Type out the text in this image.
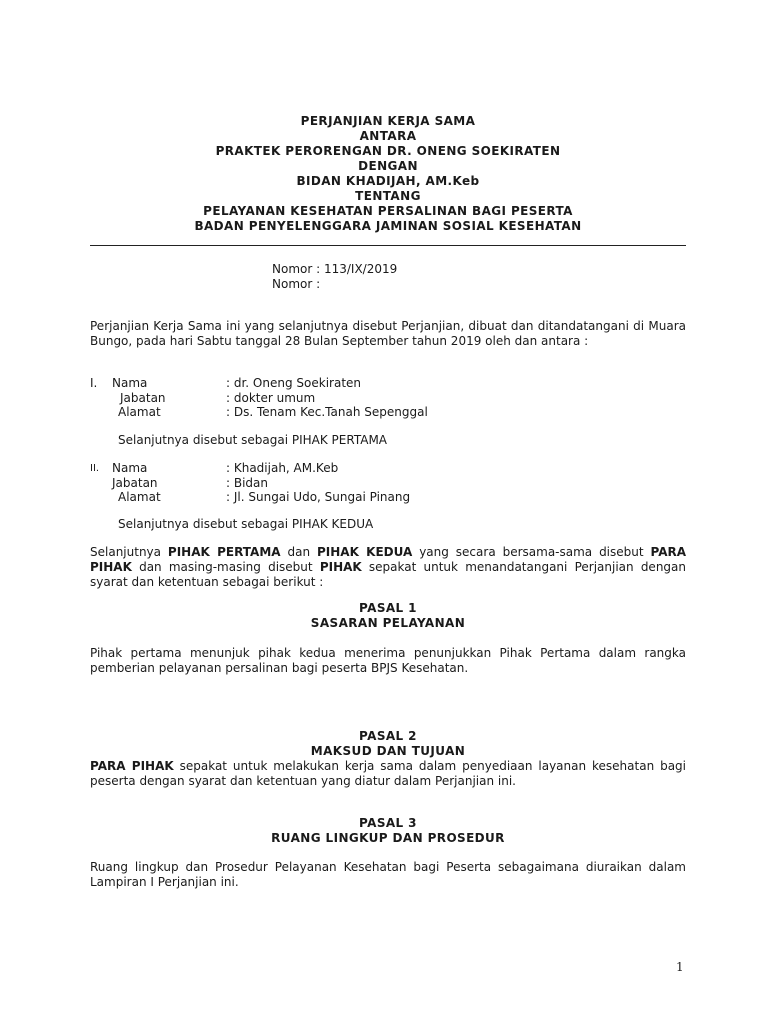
PERJANJIAN KERJA SAMA
ANTARA
PRAKTEK PERORENGAN DR. ONENG SOEKIRATEN
DENGAN
BIDAN KHADIJAH, AM.Keb
TENTANG
PELAYANAN KESEHATAN PERSALINAN BAGI PESERTA
BADAN PENYELENGGARA JAMINAN SOSIAL KESEHATAN
Nomor : 113/IX/2019
Nomor :
Perjanjian Kerja Sama ini yang selanjutnya disebut Perjanjian, dibuat dan ditandatangani di Muara Bungo, pada hari Sabtu tanggal 28 Bulan September tahun 2019 oleh dan antara :
I. Nama	: dr. Oneng Soekiraten
Jabatan	: dokter umum
Alamat	: Ds. Tenam Kec.Tanah Sepenggal
Selanjutnya disebut sebagai PIHAK PERTAMA
II. Nama	: Khadijah, AM.Keb
Jabatan	: Bidan
Alamat	: Jl. Sungai Udo, Sungai Pinang
Selanjutnya disebut sebagai PIHAK KEDUA
Selanjutnya PIHAK PERTAMA dan PIHAK KEDUA yang secara bersama-sama disebut PARA PIHAK dan masing-masing disebut PIHAK sepakat untuk menandatangani Perjanjian dengan syarat dan ketentuan sebagai berikut :
PASAL 1
SASARAN PELAYANAN
Pihak pertama menunjuk pihak kedua menerima penunjukkan Pihak Pertama dalam rangka pemberian pelayanan persalinan bagi peserta BPJS Kesehatan.
PASAL 2
MAKSUD DAN TUJUAN
PARA PIHAK sepakat untuk melakukan kerja sama dalam penyediaan layanan kesehatan bagi peserta dengan syarat dan ketentuan yang diatur dalam Perjanjian ini.
PASAL 3
RUANG LINGKUP DAN PROSEDUR
Ruang lingkup dan Prosedur Pelayanan Kesehatan bagi Peserta sebagaimana diuraikan dalam Lampiran I Perjanjian ini.
1
